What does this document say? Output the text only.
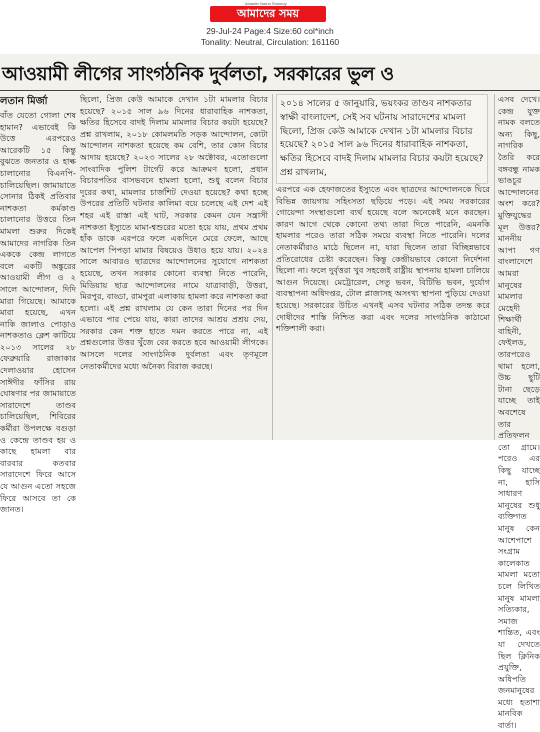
Amader Notun Shomoy
আমাদের সময়
29-Jul-24 Page:4 Size:60 col*inch
Tonality: Neutral, Circulation: 161160
আওয়ামী লীগের সাংগঠনিক দুর্বলতা, সরকারের ভুল ও
লতান মির্জা

বাঁত যেতো গোলা শেষ হামান? এভাবেই কি উত্তে এরপরেও আরেকটি ১৫ কিন্তু বুঝতে জনতার ও হাল্ক চালানোর বিএনপি-চালিয়েছিল। জামায়াতে সোনার ঠিকই প্রতিবার নাশকতা কর্মকাণ্ড চালানোর উত্তরে তিন মামলা শুরুর দিকেই আমাদের নাগরিক তিন এককে কেন্দ্র লাগতে বলে একটি অঙ্কুরের আওয়ামী লীগ ও ২ সালে আন্দোলন, দিদি মারা গিয়েছে। আমাকে মারা হয়েছে, এখন নাকি জালাও পোড়াও নাশকতাও ক্লেশ কাটিয়ে ২০১৩ সালের ২৮ ফেব্রুয়ারি রাজাকার দেলাওয়ার হোসেন সাঈদীর ফাঁসির রায় ঘোষণার পর জামায়াতে সারাদেশে তাণ্ডব চালিয়েছিল, শিবিরের কর্মীরা উপলক্ষে বগুড়া ও কেন্দ্রে তাণ্ডব হয় ও কাছে হামলা বার বারবার কতবার সারাদেশে ফিরে আসে যে আগুন এতো সহজে ফিরে আসবে তা কে জানত।

ছিলো, প্রিজ কেউ আমাকে দেখান ১টা মামলার বিচার হয়েছে? ২০১৫ সাল ৯৬ দিনের ধারাবাহিক নাশকতা, ক্ষতির হিসেবে বাদই দিলাম মামলার বিচার কয়টা হয়েছে? প্রশ্ন রাখলাম, ২০১৮ কোমলমতি সড়ক আন্দোলন, কোটা আন্দোলন নাশকতা হয়েছে কম বেশি, তার কোন বিচার আদায় হয়েছে? ২০২৩ সালের ২৮ অক্টোবর, এতোগুলো সাংবাদিক পুলিশ টার্গেট করে আক্রমণ হলো, প্রধান বিচারপতির বাসভবনে হামলা হলো, শুধু বলেন বিচার দূরের কথা, মামলার চার্জশিট দেওয়া হয়েছে? কথা হচ্ছে উপরের প্রতিটি ঘটনার কালিমা বয়ে চলেছে এই দেশ এই শহর এই রাস্তা এই ঘাট, সরকার কেমন যেন সন্ত্রাসী নাশকতা ইস্যুতে মামা-শ্বশুরের মতো হয়ে যায়, প্রথম প্রথম হাঁক ডাকে এরপরে ফলে একদিনে মেরে ফেলে, আছে আপেল পিপড়া মামার বিষয়েও উধাও হয়ে যায়। ২০২৪ সালে আবারও ছাত্রদের আন্দোলনের সুযোগে নাশকতা হয়েছে, তখন সরকার কোনো ব্যবস্থা নিতে পারেনি, মিডিয়ায় ছাত্র আন্দোলনের নামে যাত্রাবাড়ী, উত্তরা, মিরপুর, বাড্ডা, রামপুরা এলাকায় হামলা করে নাশকতা করা হলো। এই প্রশ্ন রাখলাম যে কেন তারা দিনের পর দিন এভাবে পার পেয়ে যায়, কারা তাদের আশ্রয় প্রশ্রয় দেয়, সরকার কেন শক্ত হাতে দমন করতে পারে না, এই প্রশ্নগুলোর উত্তর খুঁজে বের করতে হবে আওয়ামী লীগকে। আসলে দলের সাংগঠনিক দুর্বলতা এবং তৃণমূলে নেতাকর্মীদের মধ্যে অনৈক্য বিরাজ করছে।

২০১৪ সালের ৫ জানুয়ারি, ভয়ংকর তাণ্ডব নাশকতার স্বাক্ষী বাংলাদেশ, সেই সব ঘটনায় সারাদেশের মামলা ছিলো, প্রিজ কেউ আমাকে দেখান ১টা মামলার বিচার হয়েছে? ২০১৫ সাল ৯৬ দিনের ধারাবাহিক নাশকতা, ক্ষতির হিসেবে বাদই দিলাম মামলার বিচার কয়টা হয়েছে? প্রশ্ন রাখলাম,

এরপরে এক হেফাজতের ইস্যুতে এবং ছাত্রদের আন্দোলনকে ঘিরে বিভিন্ন জায়গায় সহিংসতা ছড়িয়ে পড়ে। এই সময় সরকারের গোয়েন্দা সংস্থাগুলো ব্যর্থ হয়েছে বলে অনেকেই মনে করছেন। কারণ আগে থেকে কোনো তথ্য তারা দিতে পারেনি, এমনকি হামলার পরেও তারা সঠিক সময়ে ব্যবস্থা নিতে পারেনি। দলের নেতাকর্মীরাও মাঠে ছিলেন না, যারা ছিলেন তারা বিচ্ছিন্নভাবে প্রতিরোধের চেষ্টা করেছেন। কিন্তু কেন্দ্রীয়ভাবে কোনো নির্দেশনা ছিলো না। ফলে দুর্বৃত্তরা খুব সহজেই রাষ্ট্রীয় স্থাপনায় হামলা চালিয়ে আগুন দিয়েছে। মেট্রোরেল, সেতু ভবন, বিটিভি ভবন, দুর্যোগ ব্যবস্থাপনা অধিদপ্তর, টোল প্লাজাসহ অসংখ্য স্থাপনা পুড়িয়ে দেওয়া হয়েছে। সরকারের উচিত এখনই এসব ঘটনার সঠিক তদন্ত করে দোষীদের শাস্তি নিশ্চিত করা এবং দলের সাংগঠনিক কাঠামো শক্তিশালী করা।

এসব দেখে। কেন্দ্র যুক্ত নামক বলতে অন্য কিছু, নাগরিক তৈরি করে বঙ্গবন্ধু নামক ভাঙচুর আন্দোলনের অংশ করে? মুক্তিযুদ্ধের মূল উত্তর? মাননীয় আপা গণ বাংলাদেশে আমরা মানুষের মামলার মেহেদী শিক্ষার্থী বাহিনী, ফেইলড, তারপরেও থামা হলো, উচ্চ ছুটি টানা ছেড়ে যাচ্ছে তাই অবশেষে তার প্রতিফলন তো গ্রামে। পরেও এর কিছু যাচ্ছে না, হাসি সাধারণ মানুষের শুধু ব্যক্তিগত মানুষ কেন আশেপাশে সংগ্রাম কালেকাত মামলা মতো চলে লিখিত মানুষ মামলা সত্যিকার, সমাজ শান্তিত, এবং যা দেখতে ছিল ক্লিনিক প্রযুক্তি, অধিপতি জনমানুষের মধ্যে হতাশা মানবিক বার্তা।
